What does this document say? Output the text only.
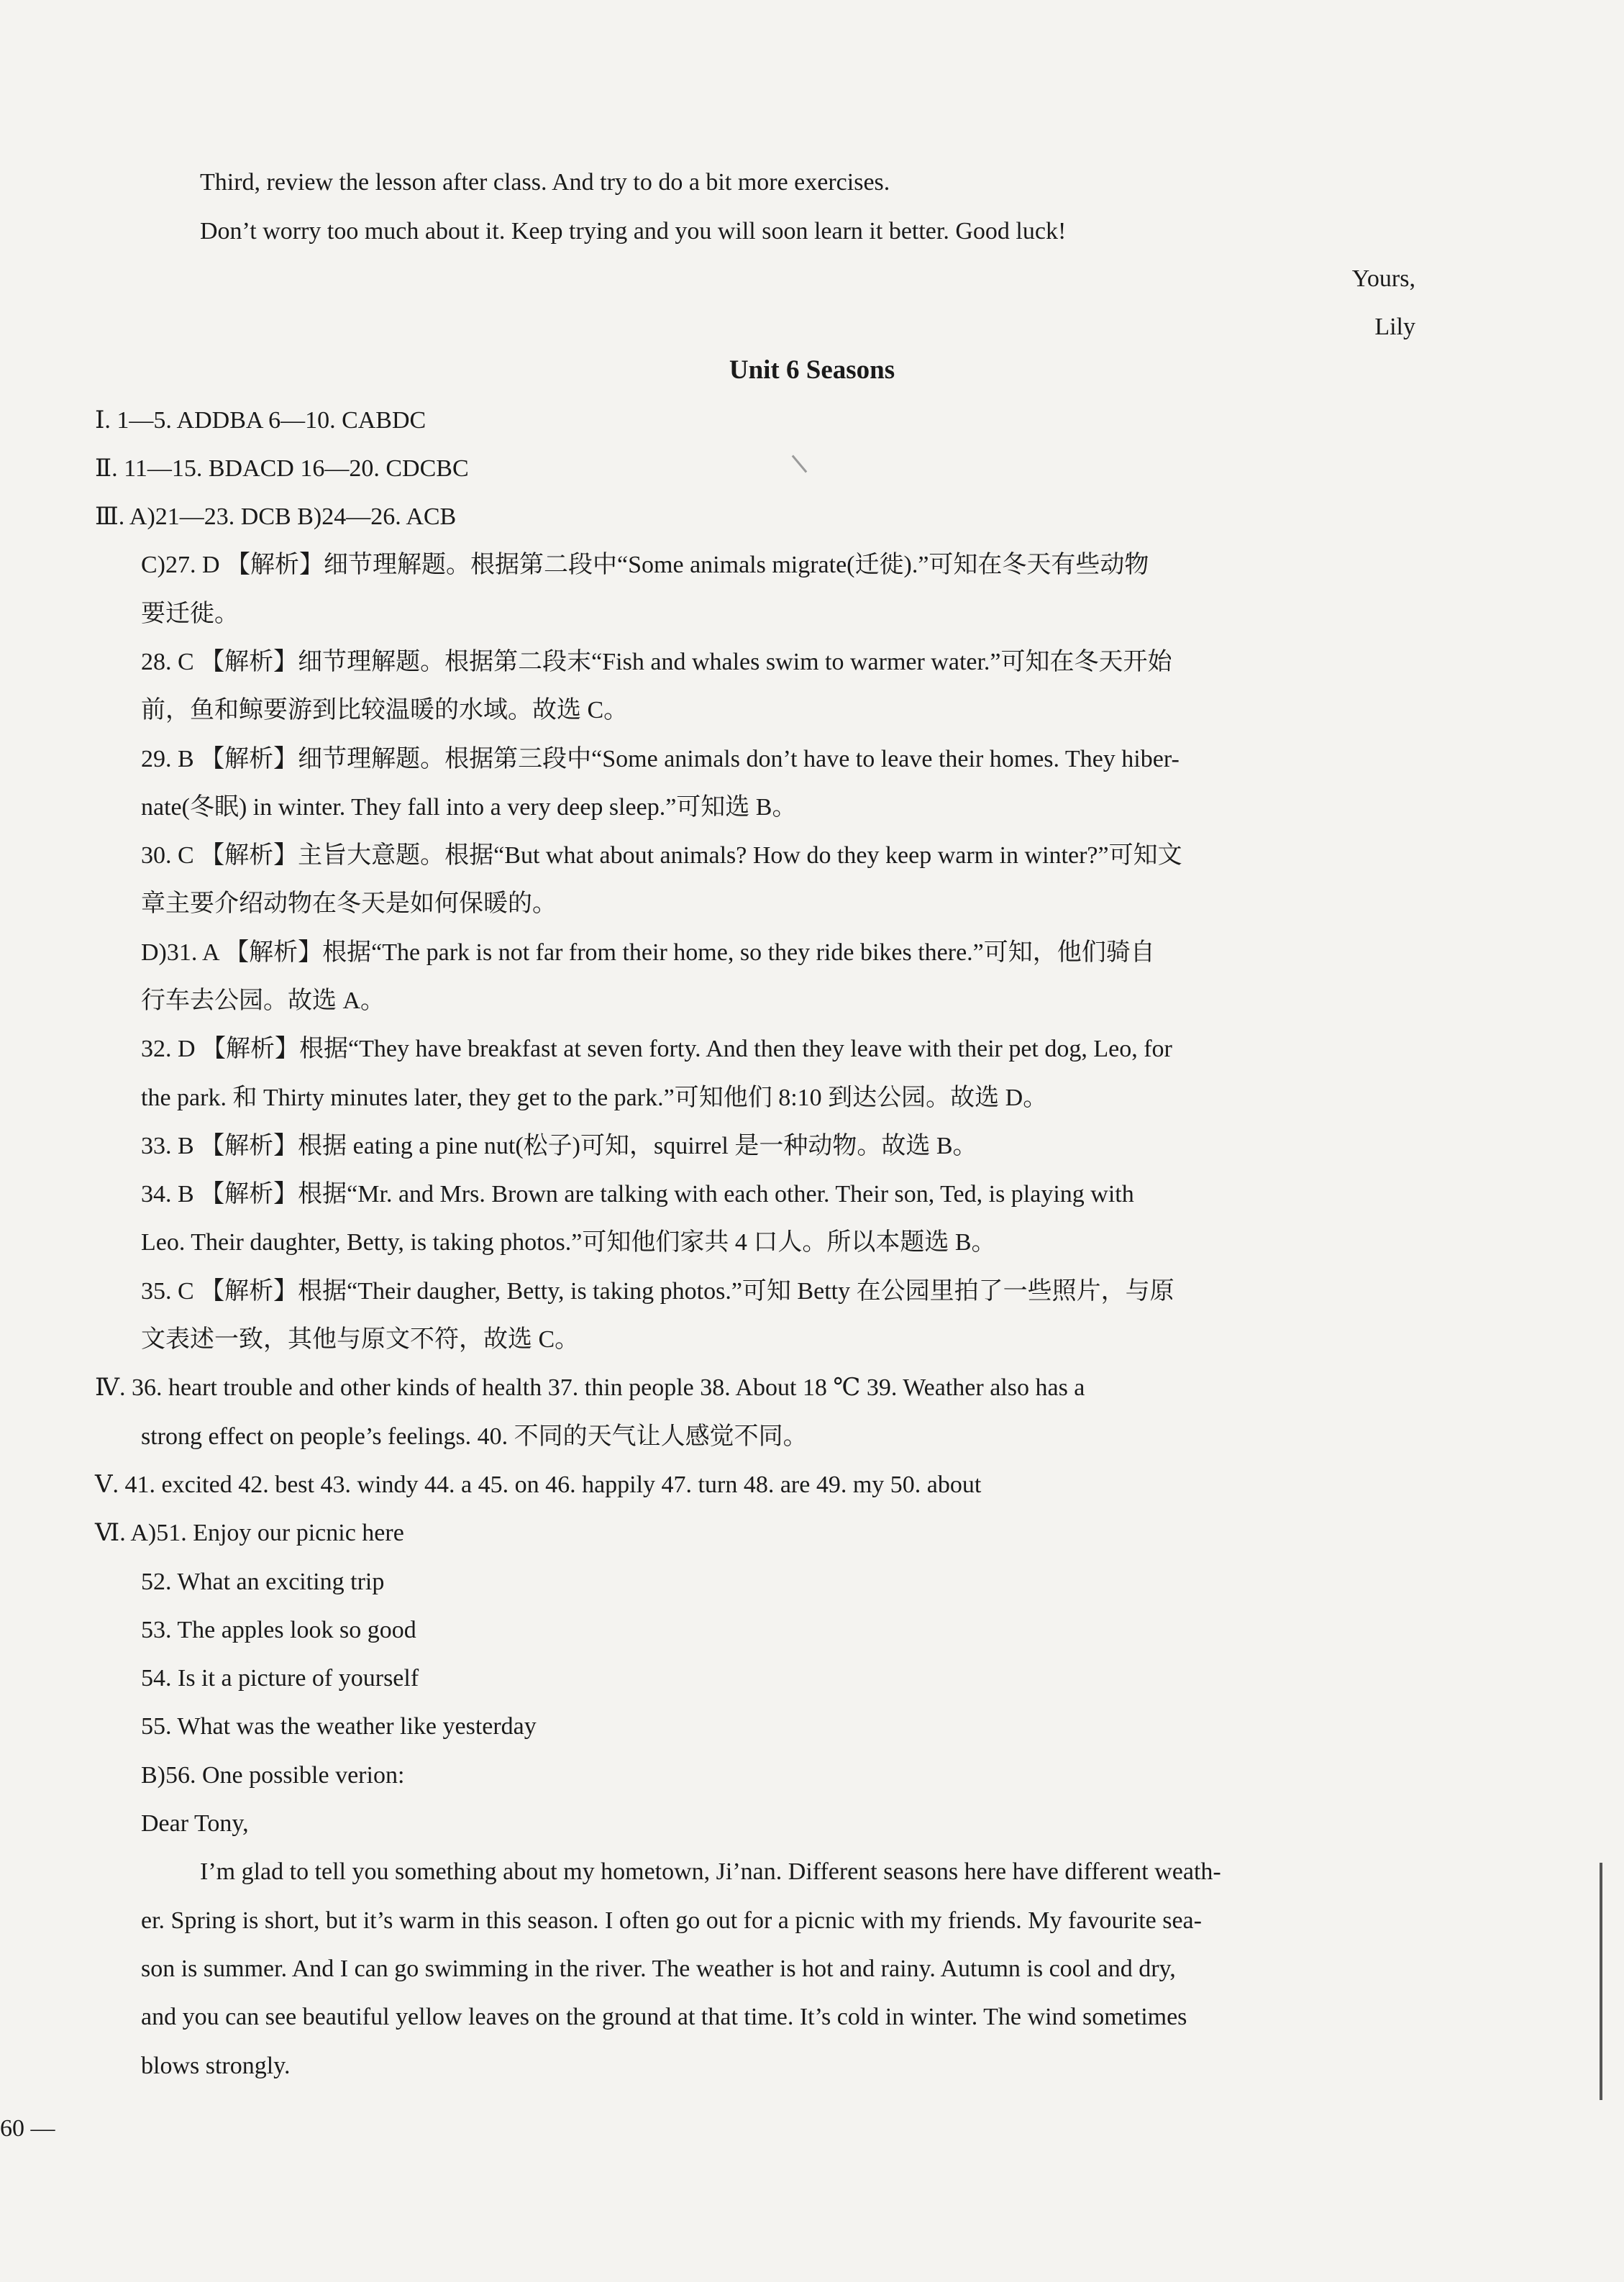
Third, review the lesson after class. And try to do a bit more exercises.
Don’t worry too much about it. Keep trying and you will soon learn it better. Good luck!
Yours,
Lily
Unit 6 Seasons
Ⅰ. 1—5. ADDBA 6—10. CABDC
Ⅱ. 11—15. BDACD 16—20. CDCBC
Ⅲ. A)21—23. DCB B)24—26. ACB
C)27. D 【解析】细节理解题。根据第二段中“Some animals migrate(迁徙).”可知在冬天有些动物
要迁徙。
28. C 【解析】细节理解题。根据第二段末“Fish and whales swim to warmer water.”可知在冬天开始
前，鱼和鲸要游到比较温暖的水域。故选 C。
29. B 【解析】细节理解题。根据第三段中“Some animals don’t have to leave their homes. They hiber-
nate(冬眠) in winter. They fall into a very deep sleep.”可知选 B。
30. C 【解析】主旨大意题。根据“But what about animals? How do they keep warm in winter?”可知文
章主要介绍动物在冬天是如何保暖的。
D)31. A 【解析】根据“The park is not far from their home, so they ride bikes there.”可知，他们骑自
行车去公园。故选 A。
32. D 【解析】根据“They have breakfast at seven forty. And then they leave with their pet dog, Leo, for
the park. 和 Thirty minutes later, they get to the park.”可知他们 8:10 到达公园。故选 D。
33. B 【解析】根据 eating a pine nut(松子)可知，squirrel 是一种动物。故选 B。
34. B 【解析】根据“Mr. and Mrs. Brown are talking with each other. Their son, Ted, is playing with
Leo. Their daughter, Betty, is taking photos.”可知他们家共 4 口人。所以本题选 B。
35. C 【解析】根据“Their daugher, Betty, is taking photos.”可知 Betty 在公园里拍了一些照片，与原
文表述一致，其他与原文不符，故选 C。
Ⅳ. 36. heart trouble and other kinds of health 37. thin people 38. About 18 ℃ 39. Weather also has a
strong effect on people’s feelings. 40. 不同的天气让人感觉不同。
Ⅴ. 41. excited 42. best 43. windy 44. a 45. on 46. happily 47. turn 48. are 49. my 50. about
Ⅵ. A)51. Enjoy our picnic here
52. What an exciting trip
53. The apples look so good
54. Is it a picture of yourself
55. What was the weather like yesterday
B)56. One possible verion:
Dear Tony,
I’m glad to tell you something about my hometown, Ji’nan. Different seasons here have different weath-
er. Spring is short, but it’s warm in this season. I often go out for a picnic with my friends. My favourite sea-
son is summer. And I can go swimming in the river. The weather is hot and rainy. Autumn is cool and dry,
and you can see beautiful yellow leaves on the ground at that time. It’s cold in winter. The wind sometimes
blows strongly.
60 —
